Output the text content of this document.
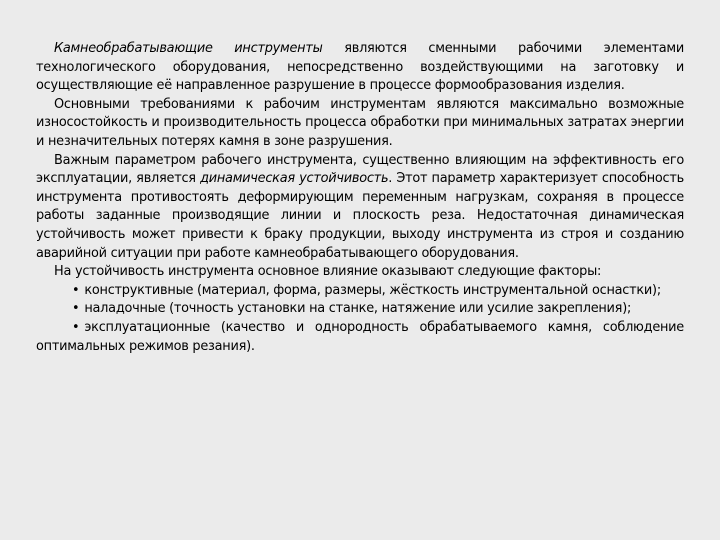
Камнеобрабатывающие инструменты являются сменными рабочими элементами технологического оборудования, непосредственно воздействующими на заготовку и осуществляющие её направленное разрушение в процессе формообразования изделия.

Основными требованиями к рабочим инструментам являются максимально возможные износостойкость и производительность процесса обработки при минимальных затратах энергии и незначительных потерях камня в зоне разрушения.

Важным параметром рабочего инструмента, существенно влияющим на эффективность его эксплуатации, является динамическая устойчивость. Этот параметр характеризует способность инструмента противостоять деформирующим переменным нагрузкам, сохраняя в процессе работы заданные производящие линии и плоскость реза. Недостаточная динамическая устойчивость может привести к браку продукции, выходу инструмента из строя и созданию аварийной ситуации при работе камнеобрабатывающего оборудования.

На устойчивость инструмента основное влияние оказывают следующие факторы:

• конструктивные (материал, форма, размеры, жёсткость инструментальной оснастки);

• наладочные (точность установки на станке, натяжение или усилие закрепления);

• эксплуатационные (качество и однородность обрабатываемого камня, соблюдение оптимальных режимов резания).
